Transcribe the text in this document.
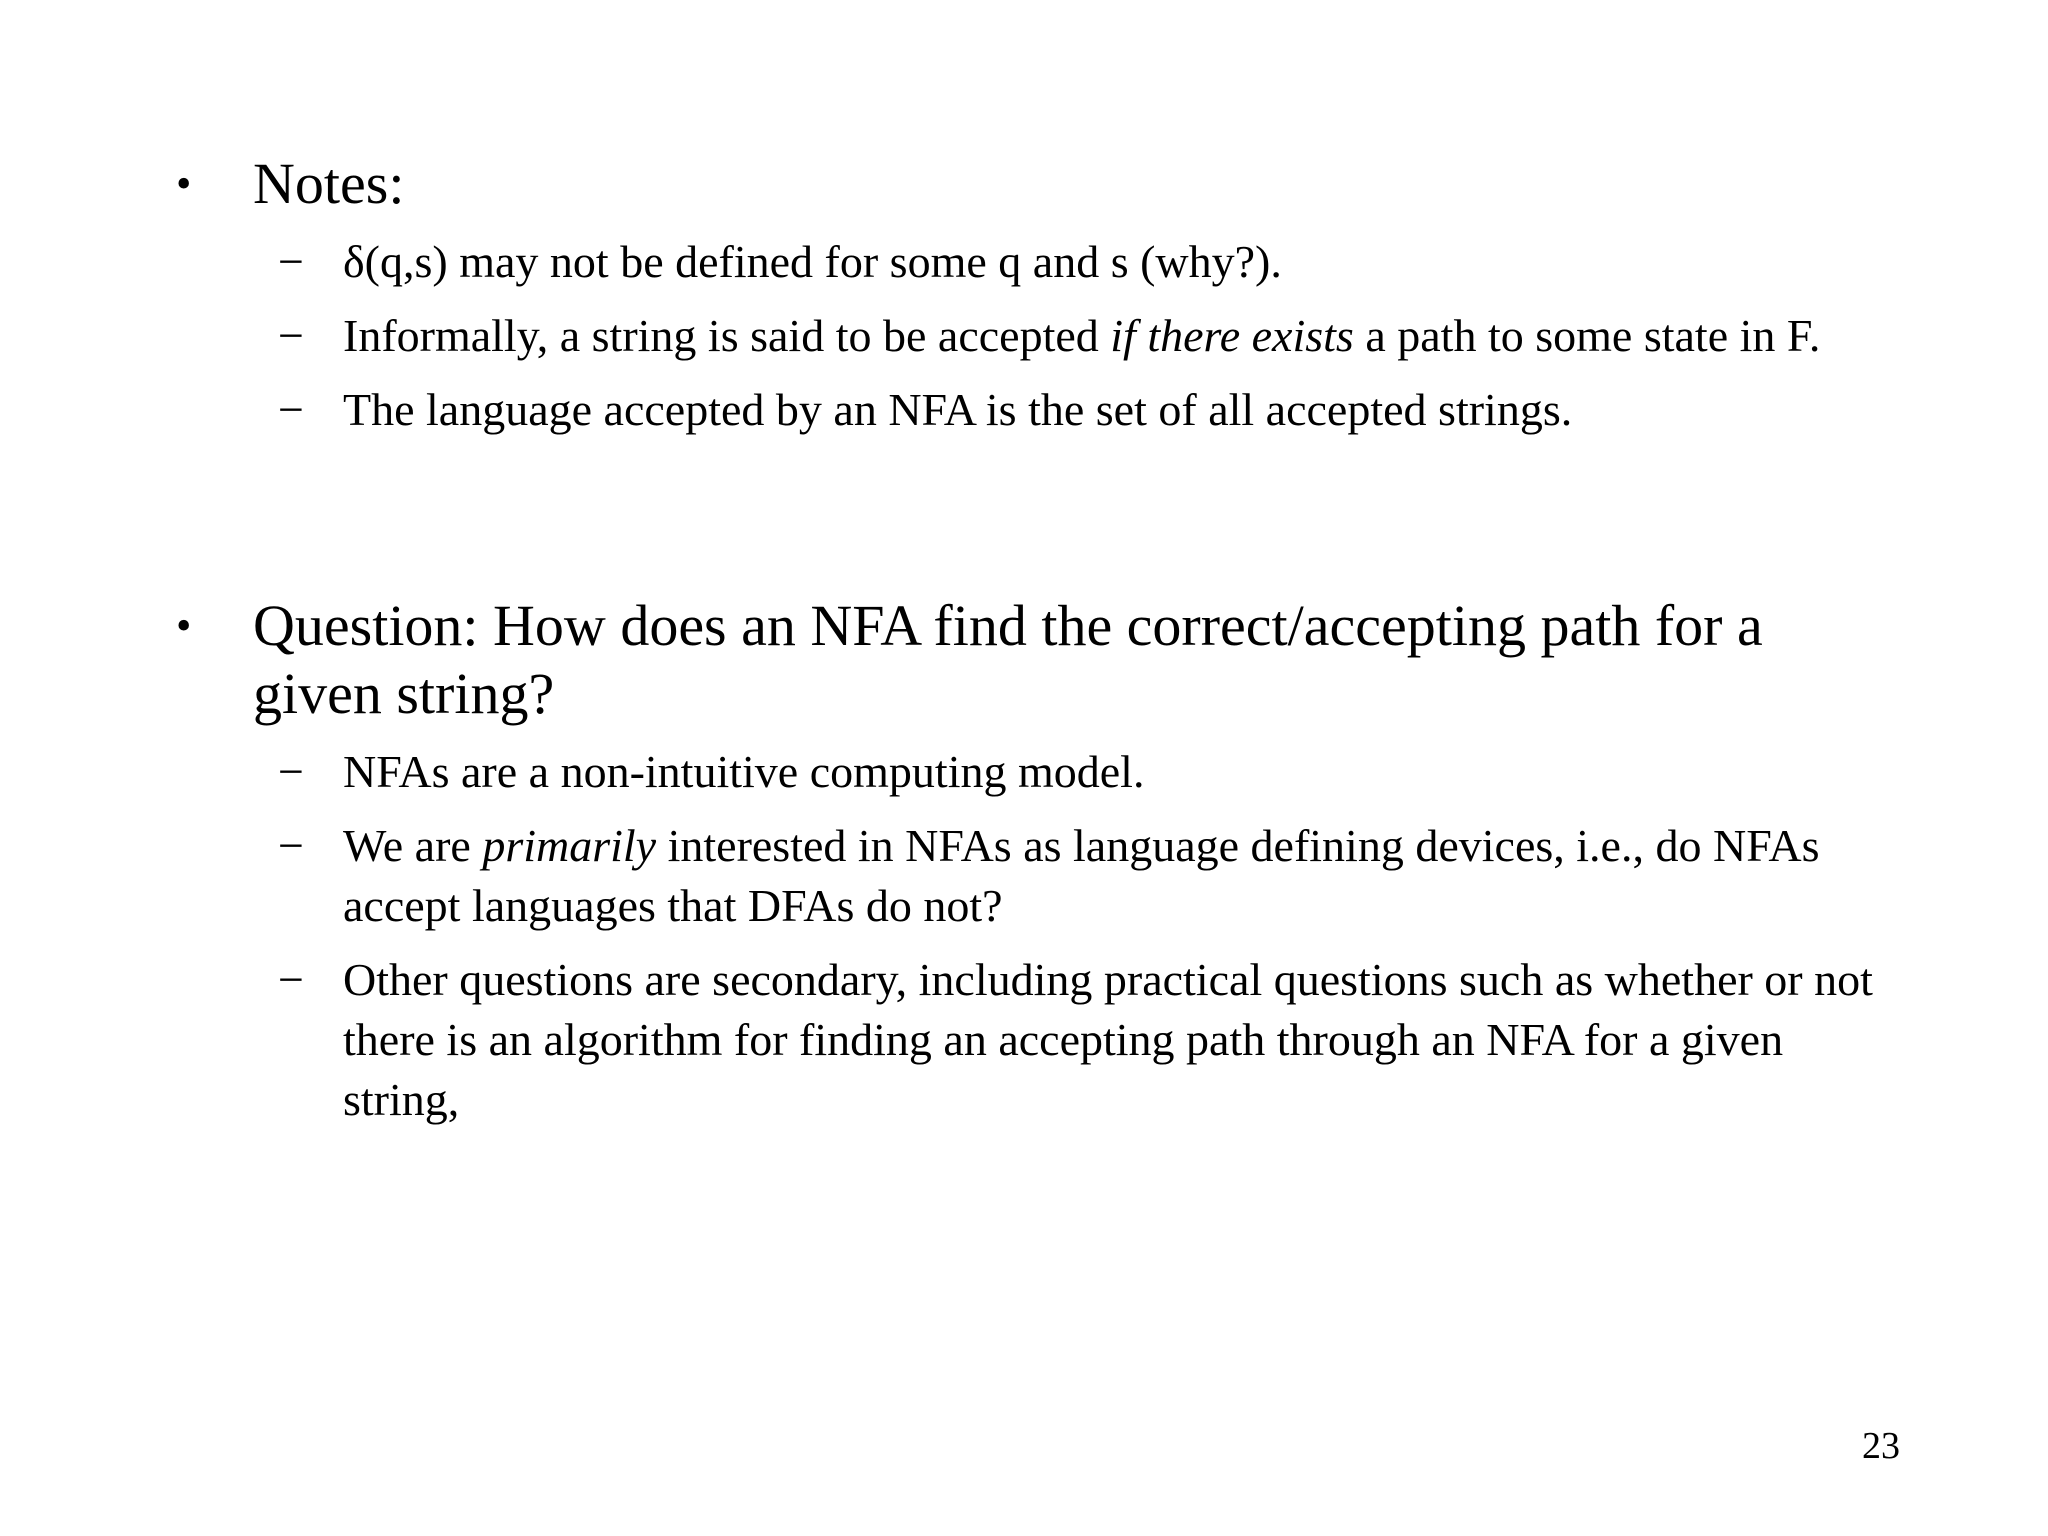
• Notes:
− δ(q,s) may not be defined for some q and s (why?).
− Informally, a string is said to be accepted if there exists a path to some state in F.
− The language accepted by an NFA is the set of all accepted strings.
• Question: How does an NFA find the correct/accepting path for a given string?
− NFAs are a non-intuitive computing model.
− We are primarily interested in NFAs as language defining devices, i.e., do NFAs accept languages that DFAs do not?
− Other questions are secondary, including practical questions such as whether or not there is an algorithm for finding an accepting path through an NFA for a given string,
23
